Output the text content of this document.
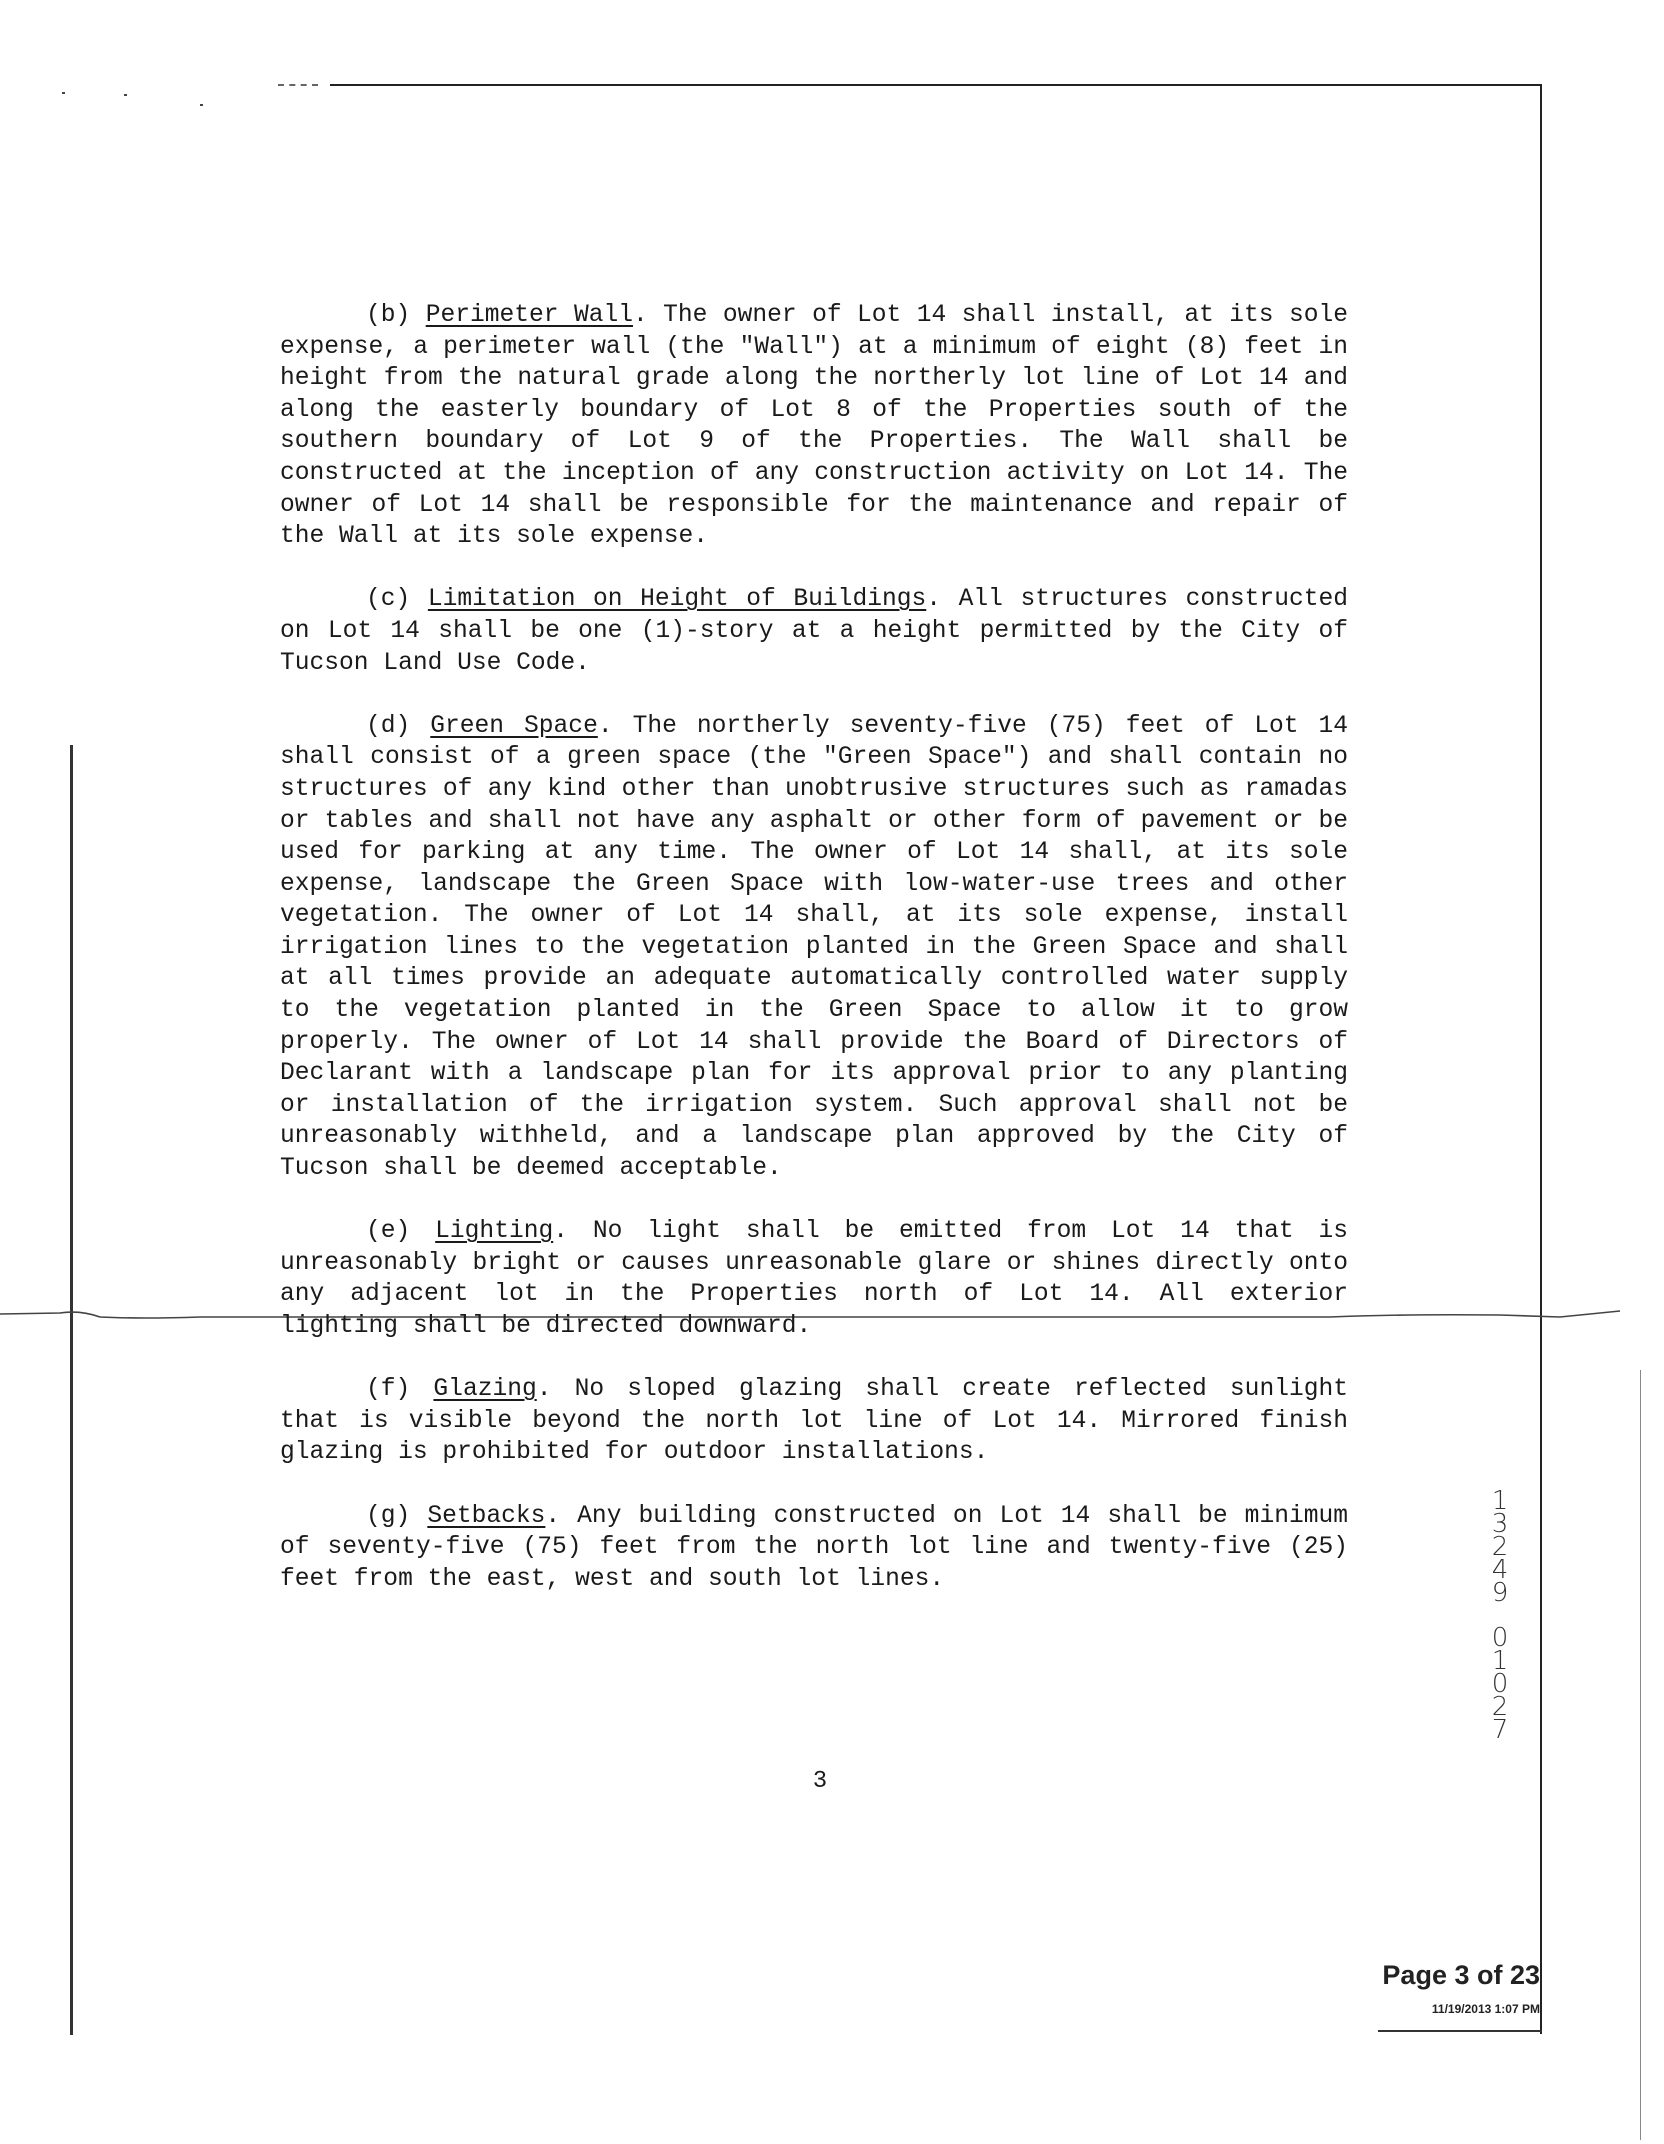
(b) Perimeter Wall. The owner of Lot 14 shall install, at its sole expense, a perimeter wall (the "Wall") at a minimum of eight (8) feet in height from the natural grade along the northerly lot line of Lot 14 and along the easterly boundary of Lot 8 of the Properties south of the southern boundary of Lot 9 of the Properties. The Wall shall be constructed at the inception of any construction activity on Lot 14. The owner of Lot 14 shall be responsible for the maintenance and repair of the Wall at its sole expense.

(c) Limitation on Height of Buildings. All structures constructed on Lot 14 shall be one (1)-story at a height permitted by the City of Tucson Land Use Code.

(d) Green Space. The northerly seventy-five (75) feet of Lot 14 shall consist of a green space (the "Green Space") and shall contain no structures of any kind other than unobtrusive structures such as ramadas or tables and shall not have any asphalt or other form of pavement or be used for parking at any time. The owner of Lot 14 shall, at its sole expense, landscape the Green Space with low-water-use trees and other vegetation. The owner of Lot 14 shall, at its sole expense, install irrigation lines to the vegetation planted in the Green Space and shall at all times provide an adequate automatically controlled water supply to the vegetation planted in the Green Space to allow it to grow properly. The owner of Lot 14 shall provide the Board of Directors of Declarant with a landscape plan for its approval prior to any planting or installation of the irrigation system. Such approval shall not be unreasonably withheld, and a landscape plan approved by the City of Tucson shall be deemed acceptable.

(e) Lighting. No light shall be emitted from Lot 14 that is unreasonably bright or causes unreasonable glare or shines directly onto any adjacent lot in the Properties north of Lot 14. All exterior lighting shall be directed downward.

(f) Glazing. No sloped glazing shall create reflected sunlight that is visible beyond the north lot line of Lot 14. Mirrored finish glazing is prohibited for outdoor installations.

(g) Setbacks. Any building constructed on Lot 14 shall be minimum of seventy-five (75) feet from the north lot line and twenty-five (25) feet from the east, west and south lot lines.

3
1
3
2
4
9
0
1
0
2
7
Page 3 of 23
11/19/2013 1:07 PM
